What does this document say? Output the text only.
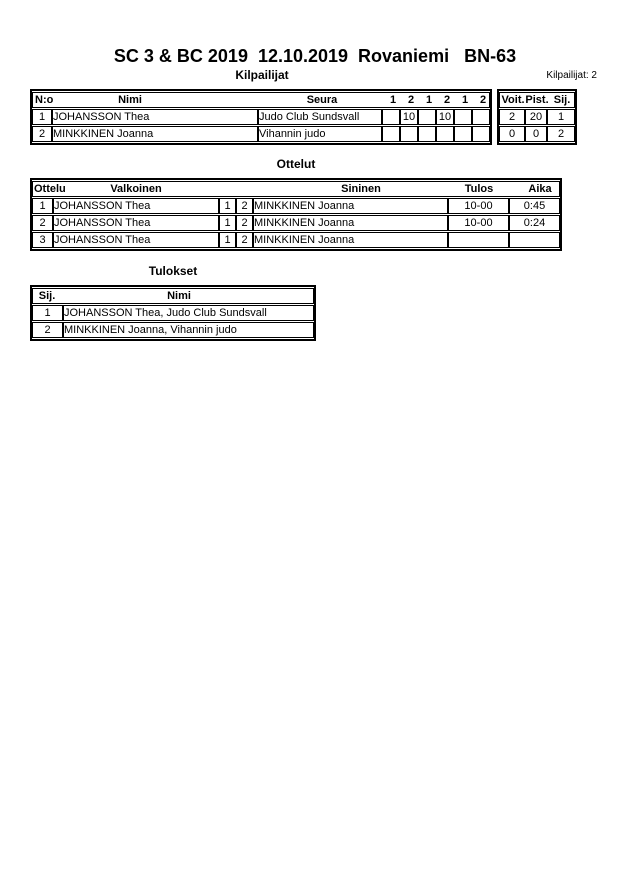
SC 3 & BC 2019  12.10.2019  Rovaniemi   BN-63
Kilpailijat	Kilpailijat: 2
N:o	Nimi	Seura	1 2 1 2 1 2

1	JOHANSSON Thea	Judo Club Sundsvall		10		10		
2	MINKKINEN Joanna	Vihannin judo						
Voit. Pist. Sij.		

2	20	1
0	0	2
Ottelut
Ottelu Valkoinen Sininen Tulos Aika						

1	JOHANSSON Thea	1	2	MINKKINEN Joanna	10-00	0:45
2	JOHANSSON Thea	1	2	MINKKINEN Joanna	10-00	0:24
3	JOHANSSON Thea	1	2	MINKKINEN Joanna		
Tulokset
Sij. Nimi	

1	JOHANSSON Thea, Judo Club Sundsvall
2	MINKKINEN Joanna, Vihannin judo
